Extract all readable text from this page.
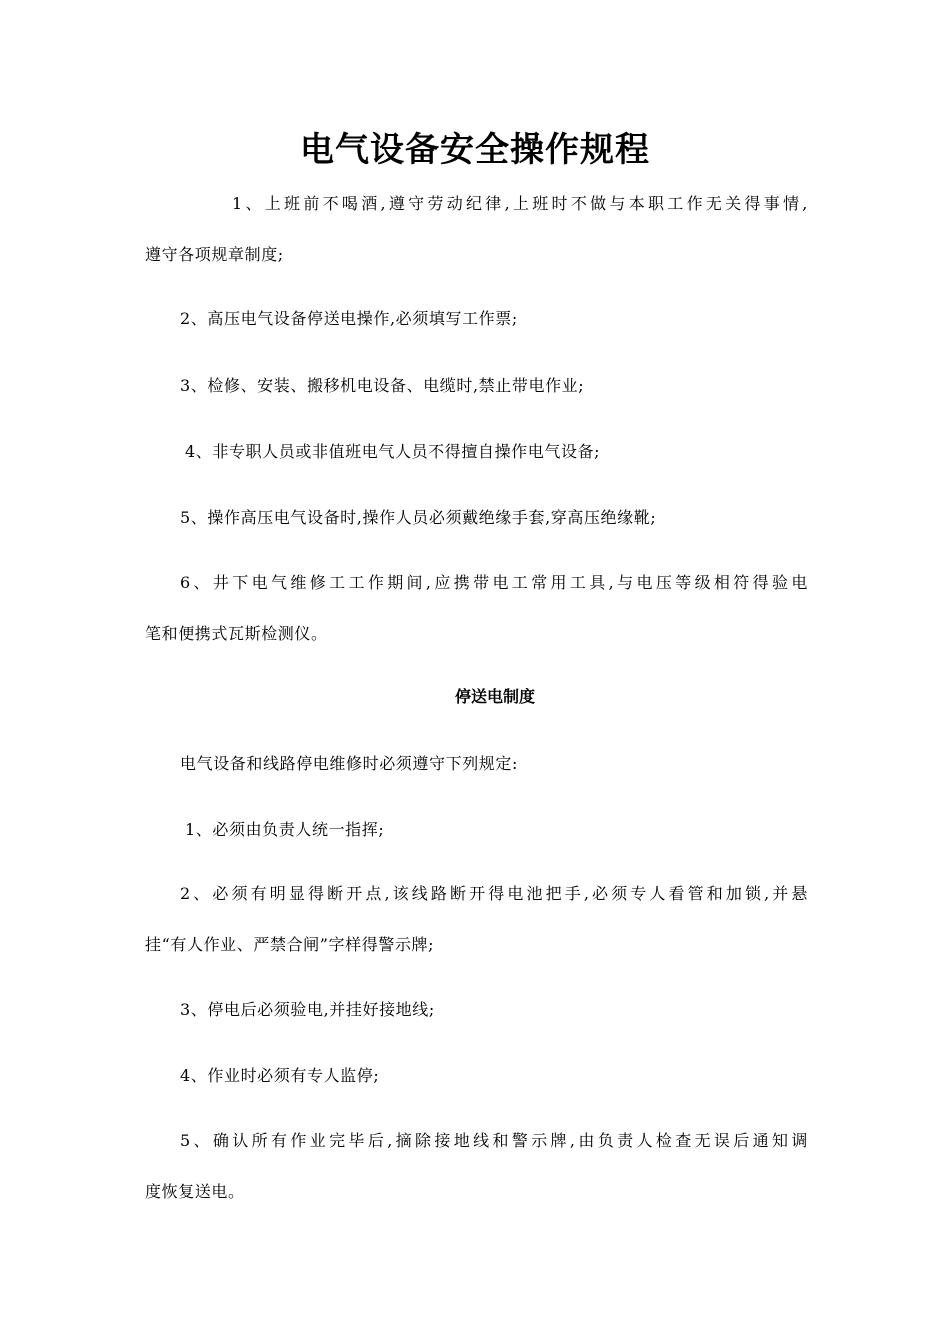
电气设备安全操作规程
1、上班前不喝酒,遵守劳动纪律,上班时不做与本职工作无关得事情,
遵守各项规章制度;
2、高压电气设备停送电操作,必须填写工作票;
3、检修、安装、搬移机电设备、电缆时,禁止带电作业;
4、非专职人员或非值班电气人员不得擅自操作电气设备;
5、操作高压电气设备时,操作人员必须戴绝缘手套,穿高压绝缘靴;
6、井下电气维修工工作期间,应携带电工常用工具,与电压等级相符得验电
笔和便携式瓦斯检测仪。
停送电制度
电气设备和线路停电维修时必须遵守下列规定:
1、必须由负责人统一指挥;
2、必须有明显得断开点,该线路断开得电池把手,必须专人看管和加锁,并悬
挂“有人作业、严禁合闸”字样得警示牌;
3、停电后必须验电,并挂好接地线;
4、作业时必须有专人监停;
5、确认所有作业完毕后,摘除接地线和警示牌,由负责人检查无误后通知调
度恢复送电。
